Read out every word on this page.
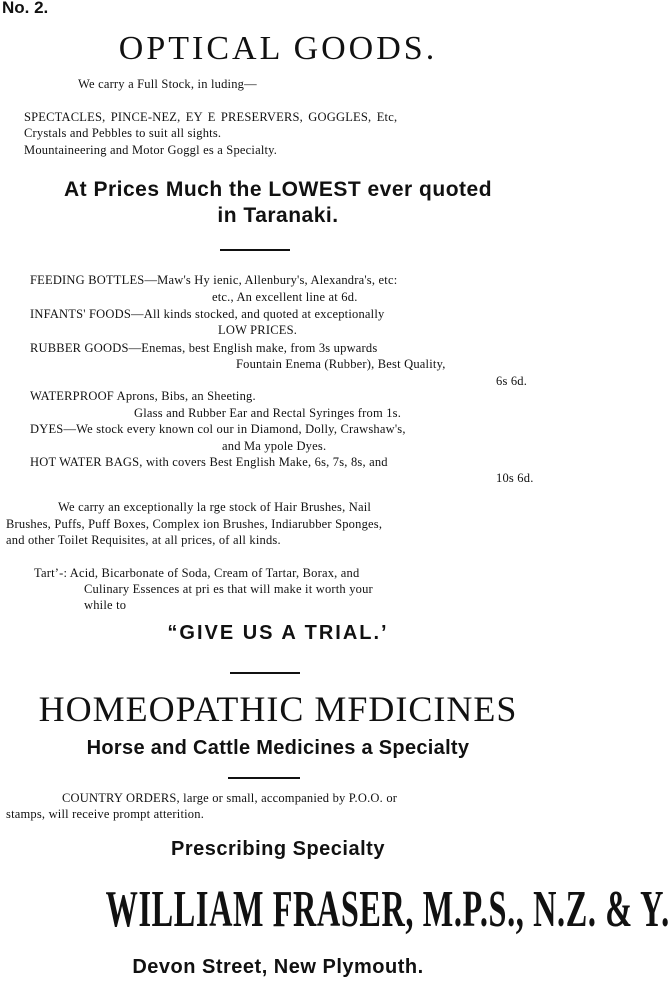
No. 2.
OPTICAL GOODS.
We carry a Full Stock, in luding—
SPECTACLES, PINCE-NEZ, EY E PRESERVERS, GOGGLES, Etc,
Crystals and Pebbles to suit all sights.
Mountaineering and Motor Goggl es a Specialty.
At Prices Much the LOWEST ever quoted
in Taranaki.
FEEDING BOTTLES—Maw's Hy ienic, Allenbury's, Alexandra's, etc:
etc., An excellent line at 6d.
INFANTS' FOODS—All kinds stocked, and quoted at exceptionally
LOW PRICES.
RUBBER GOODS—Enemas, best English make, from 3s upwards
Fountain Enema (Rubber), Best Quality,
6s 6d.
WATERPROOF Aprons, Bibs, an Sheeting.
Glass and Rubber Ear and Rectal Syringes from 1s.
DYES—We stock every known col our in Diamond, Dolly, Crawshaw's,
and Ma ypole Dyes.
HOT WATER BAGS, with covers Best English Make, 6s, 7s, 8s, and
10s 6d.
We carry an exceptionally la rge stock of Hair Brushes, Nail
Brushes, Puffs, Puff Boxes, Complex ion Brushes, Indiarubber Sponges,
and other Toilet Requisites, at all prices, of all kinds.
Tart’-: Acid, Bicarbonate of Soda, Cream of Tartar, Borax, and
Culinary Essences at pri es that will make it worth your
while to
“GIVE US A TRIAL.’
HOMEOPATHIC MFDICINES
Horse and Cattle Medicines a Specialty
COUNTRY ORDERS, large or small, accompanied by P.O.O. or
stamps, will receive prompt atterition.
Prescribing Specialty
WILLIAM FRASER, M.P.S., N.Z. & Y.
Devon Street, New Plymouth.
